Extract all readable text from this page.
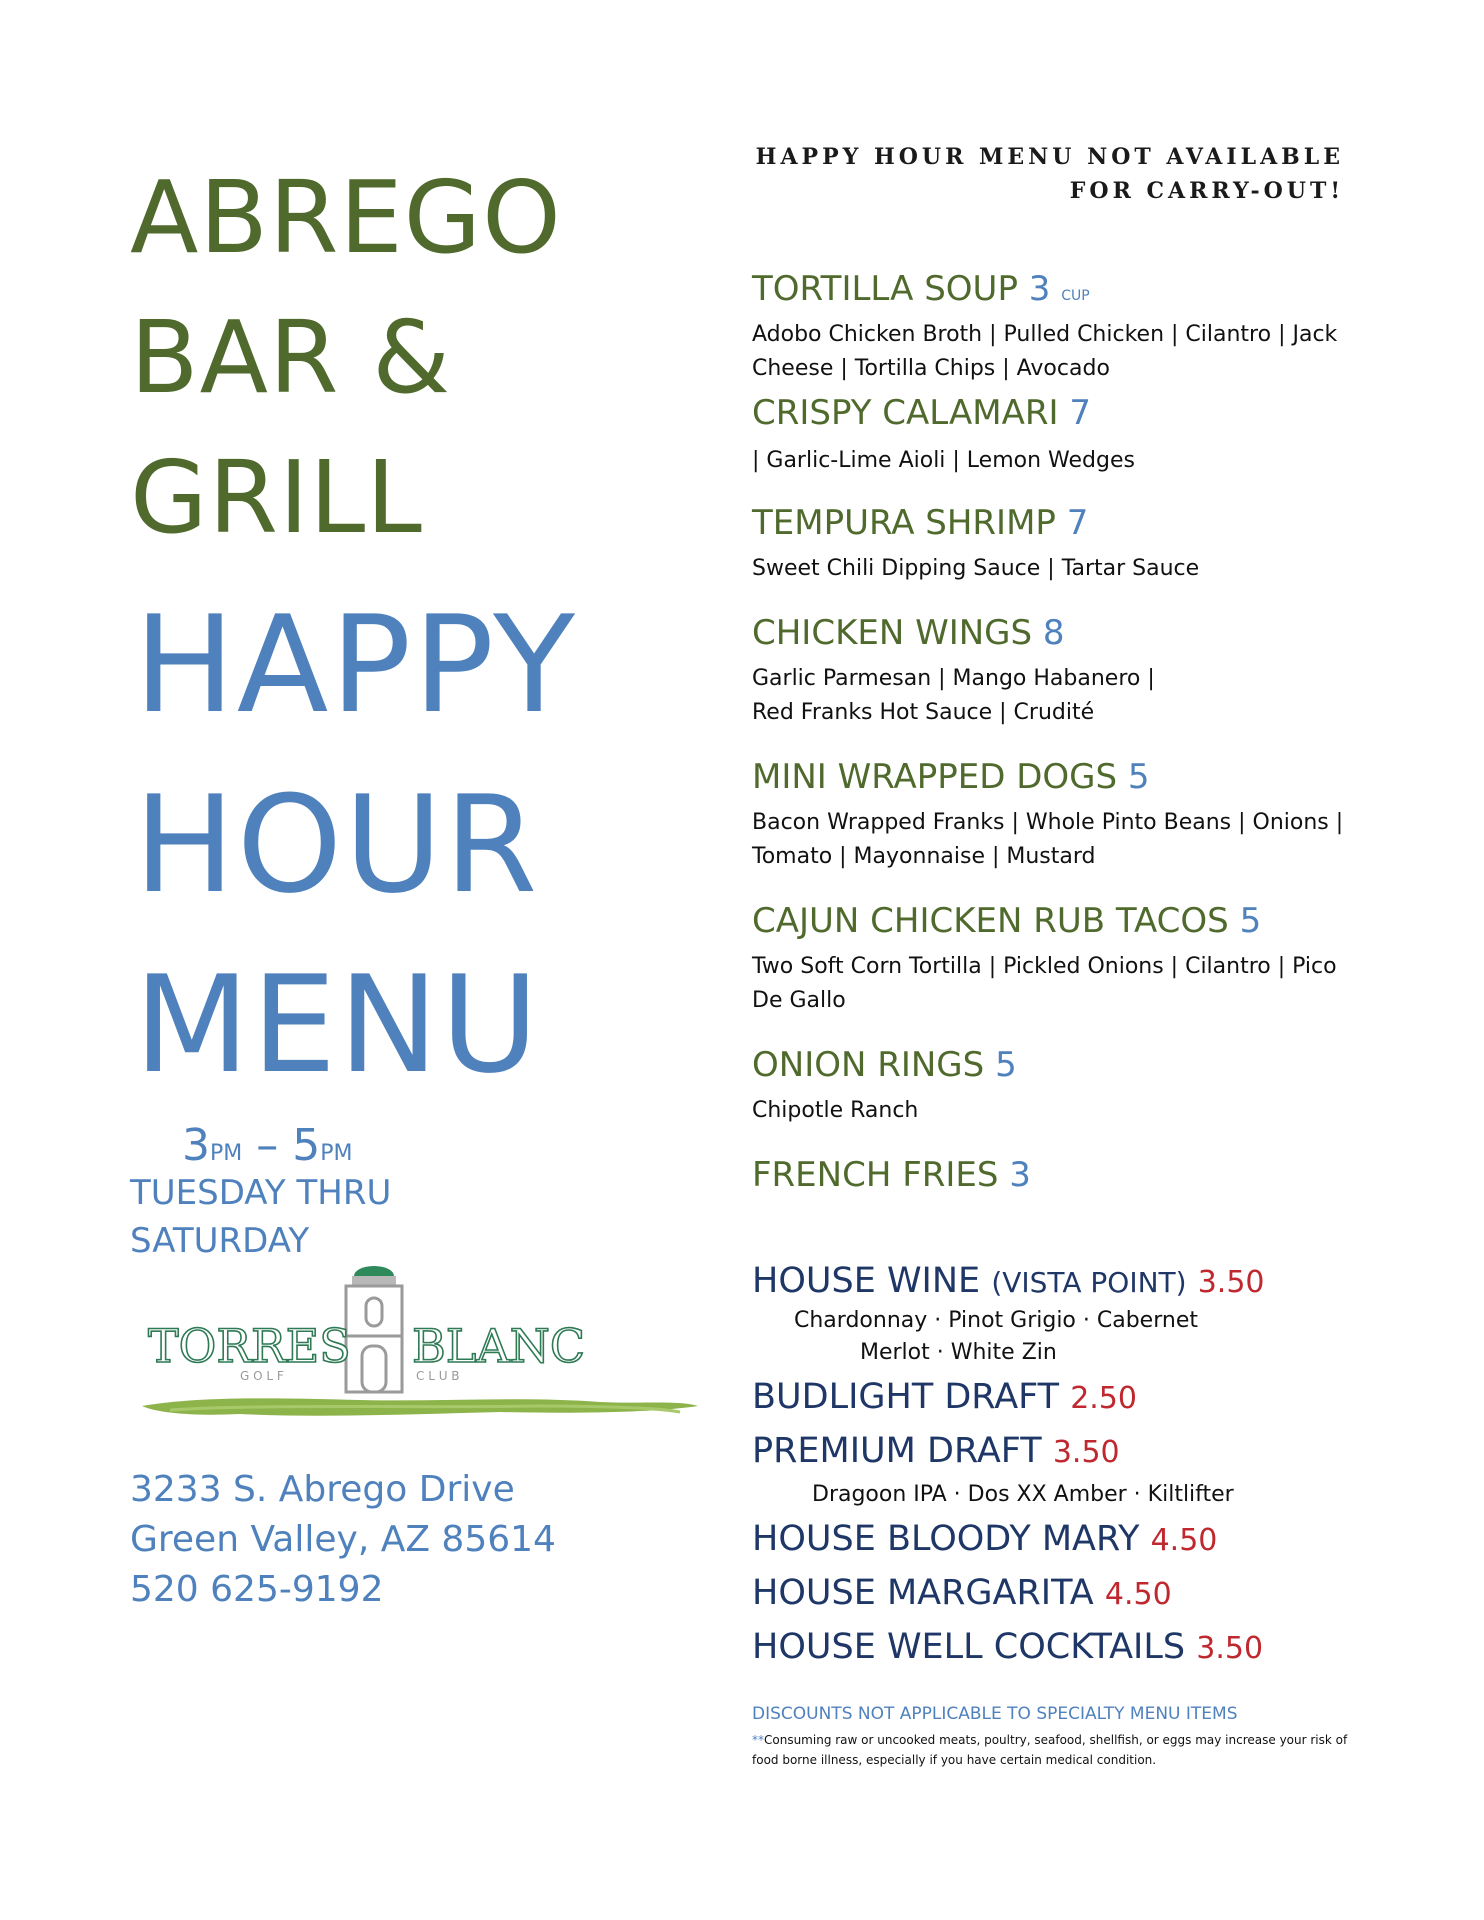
ABREGO
BAR &
GRILL
HAPPY
HOUR
MENU
3PM – 5PM
TUESDAY THRU
SATURDAY
TORRES BLANC
G O L F	C L U B
3233 S. Abrego Drive
Green Valley, AZ 85614
520 625-9192
HAPPY HOUR MENU NOT AVAILABLE
FOR CARRY-OUT!
TORTILLA SOUP 3 CUP
Adobo Chicken Broth | Pulled Chicken | Cilantro | Jack
Cheese | Tortilla Chips | Avocado
CRISPY CALAMARI 7
| Garlic-Lime Aioli | Lemon Wedges
TEMPURA SHRIMP 7
Sweet Chili Dipping Sauce | Tartar Sauce
CHICKEN WINGS 8
Garlic Parmesan | Mango Habanero |
Red Franks Hot Sauce | Crudité
MINI WRAPPED DOGS 5
Bacon Wrapped Franks | Whole Pinto Beans | Onions |
Tomato | Mayonnaise | Mustard
CAJUN CHICKEN RUB TACOS 5
Two Soft Corn Tortilla | Pickled Onions | Cilantro | Pico
De Gallo
ONION RINGS 5
Chipotle Ranch
FRENCH FRIES 3
HOUSE WINE (VISTA POINT) 3.50
Chardonnay · Pinot Grigio · Cabernet
Merlot · White Zin
BUDLIGHT DRAFT 2.50
PREMIUM DRAFT 3.50
Dragoon IPA · Dos XX Amber · Kiltlifter
HOUSE BLOODY MARY 4.50
HOUSE MARGARITA 4.50
HOUSE WELL COCKTAILS 3.50
DISCOUNTS NOT APPLICABLE TO SPECIALTY MENU ITEMS
**Consuming raw or uncooked meats, poultry, seafood, shellfish, or eggs may increase your risk of
food borne illness, especially if you have certain medical condition.
